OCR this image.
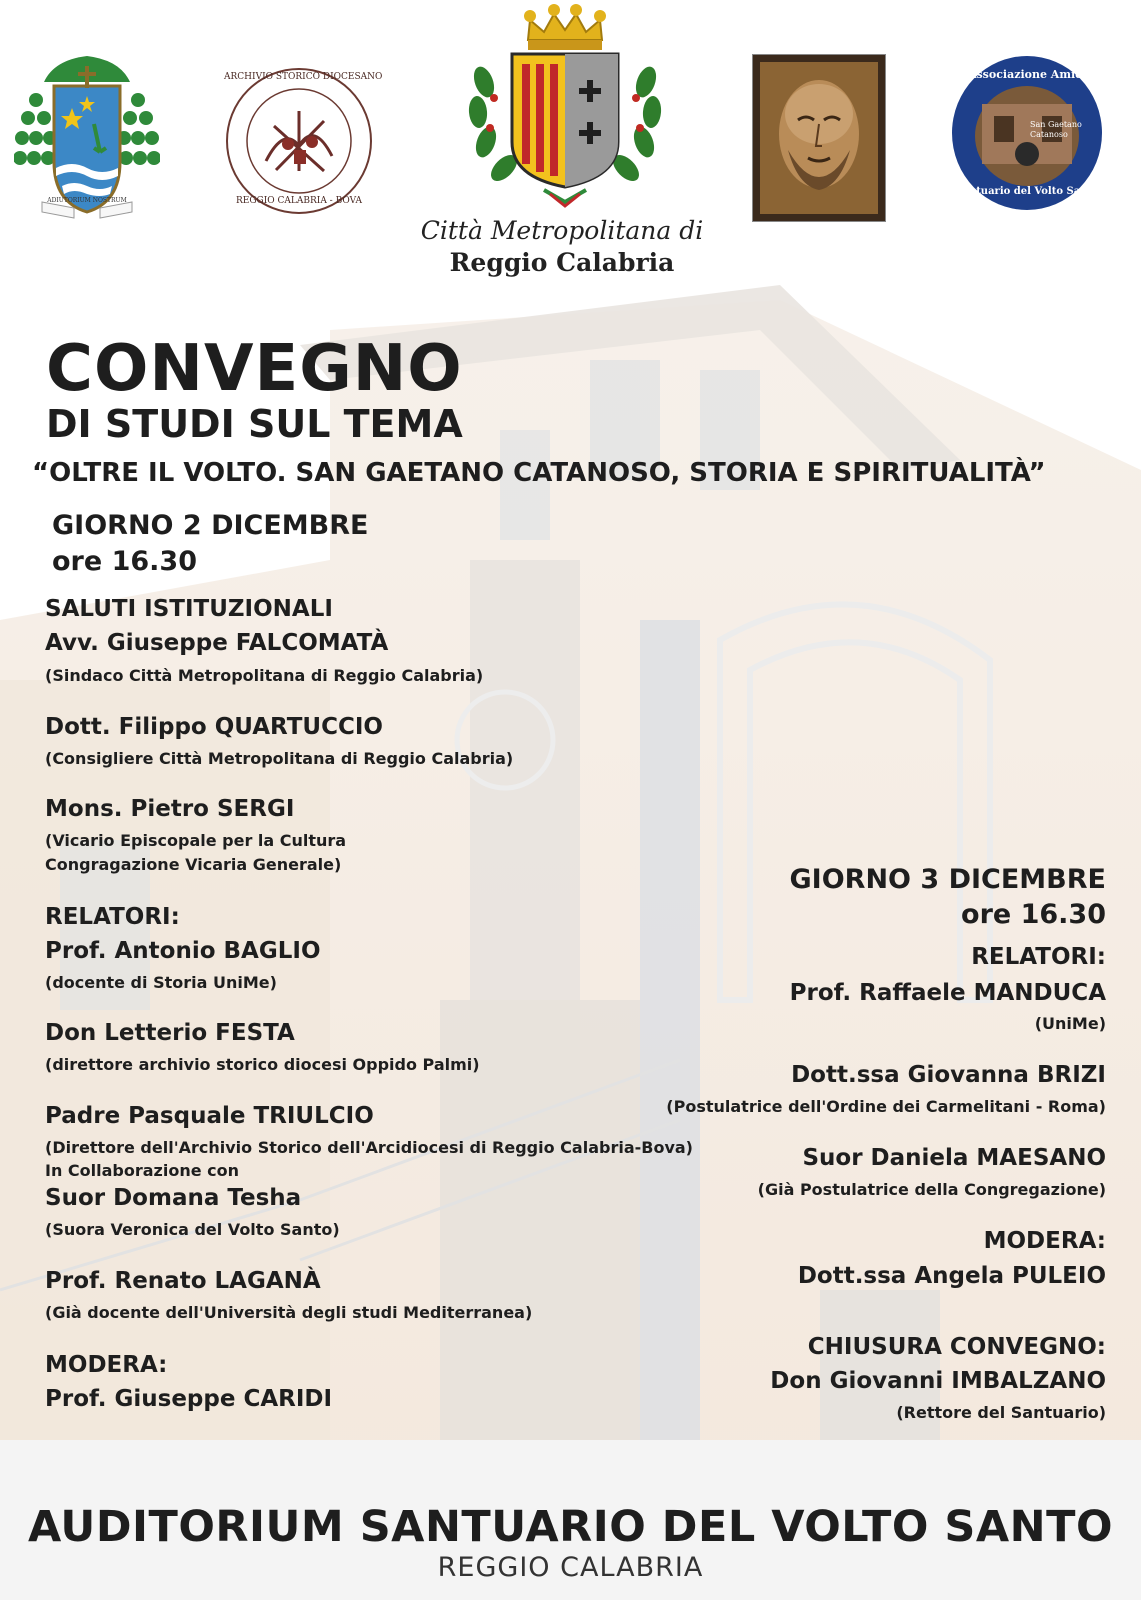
ADIUTORIUM NOSTRUM
ARCHIVIO STORICO DIOCESANO
REGGIO CALABRIA - BOVA
Città Metropolitana di
Reggio Calabria
Associazione Amici
San Gaetano Catanoso
Santuario del Volto Santo
CONVEGNO
DI STUDI SUL TEMA
“OLTRE IL VOLTO. SAN GAETANO CATANOSO, STORIA E SPIRITUALITÀ”
GIORNO 2 DICEMBRE
ore 16.30
SALUTI ISTITUZIONALI
Avv. Giuseppe FALCOMATÀ
(Sindaco Città Metropolitana di Reggio Calabria)
Dott. Filippo QUARTUCCIO
(Consigliere Città Metropolitana di Reggio Calabria)
Mons. Pietro SERGI
(Vicario Episcopale per la Cultura
Congragazione Vicaria Generale)
RELATORI:
Prof. Antonio BAGLIO
(docente di Storia UniMe)
Don Letterio FESTA
(direttore archivio storico diocesi Oppido Palmi)
Padre Pasquale TRIULCIO
(Direttore dell'Archivio Storico dell'Arcidiocesi di Reggio Calabria-Bova)
In Collaborazione con
Suor Domana Tesha
(Suora Veronica del Volto Santo)
Prof. Renato LAGANÀ
(Già docente dell'Università degli studi Mediterranea)
MODERA:
Prof. Giuseppe CARIDI
GIORNO 3 DICEMBRE
ore 16.30
RELATORI:
Prof. Raffaele MANDUCA
(UniMe)
Dott.ssa Giovanna BRIZI
(Postulatrice dell'Ordine dei Carmelitani - Roma)
Suor Daniela MAESANO
(Già Postulatrice della Congregazione)
MODERA:
Dott.ssa Angela PULEIO
CHIUSURA CONVEGNO:
Don Giovanni IMBALZANO
(Rettore del Santuario)
AUDITORIUM SANTUARIO DEL VOLTO SANTO
REGGIO CALABRIA
